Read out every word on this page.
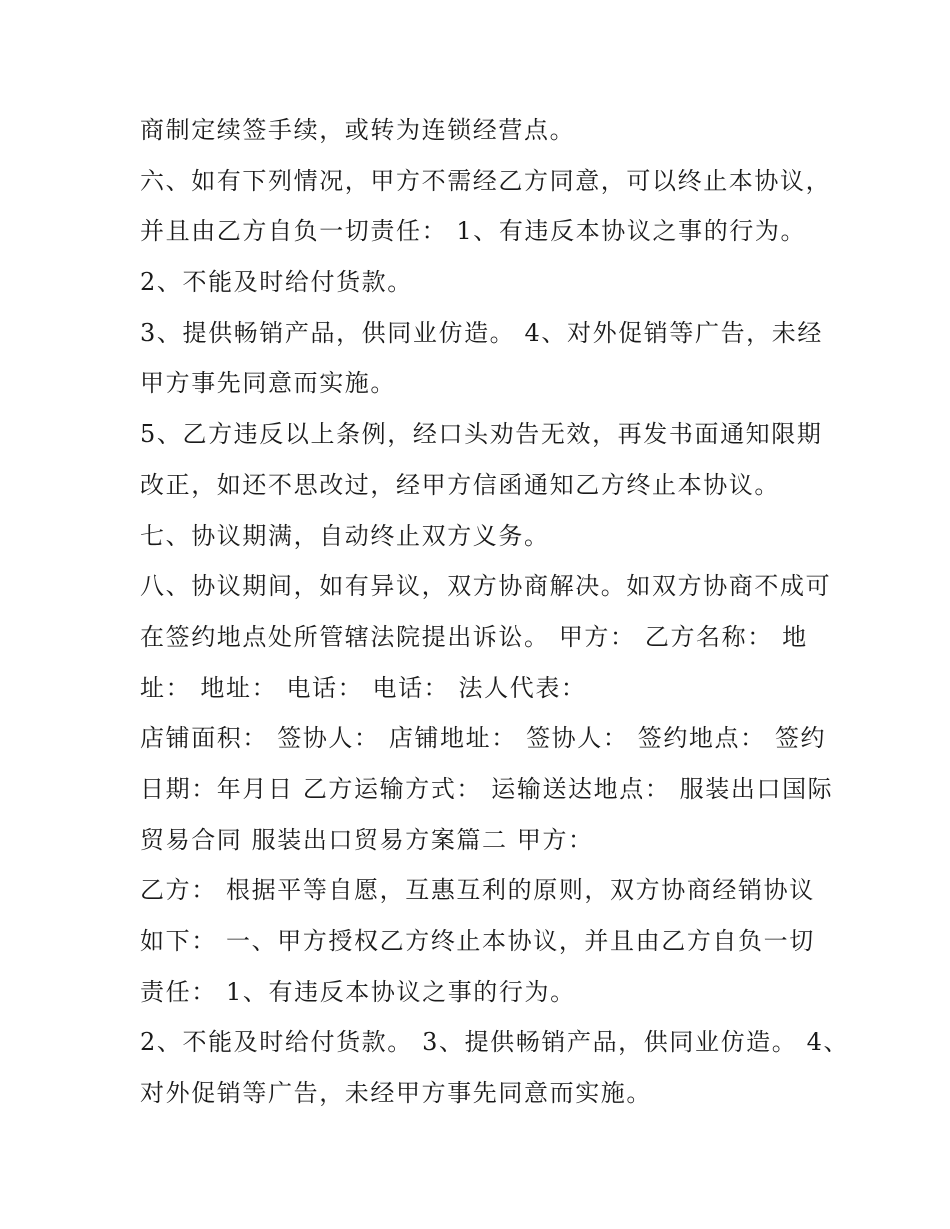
商制定续签手续，或转为连锁经营点。
六、如有下列情况，甲方不需经乙方同意，可以终止本协议，
并且由乙方自负一切责任： 1、有违反本协议之事的行为。
2、不能及时给付货款。
3、提供畅销产品，供同业仿造。 4、对外促销等广告，未经
甲方事先同意而实施。
5、乙方违反以上条例，经口头劝告无效，再发书面通知限期
改正，如还不思改过，经甲方信函通知乙方终止本协议。
七、协议期满，自动终止双方义务。
八、协议期间，如有异议，双方协商解决。如双方协商不成可
在签约地点处所管辖法院提出诉讼。 甲方： 乙方名称： 地
址： 地址： 电话： 电话： 法人代表：
店铺面积： 签协人： 店铺地址： 签协人： 签约地点： 签约
日期：年月日 乙方运输方式： 运输送达地点： 服装出口国际
贸易合同 服装出口贸易方案篇二 甲方：
乙方： 根据平等自愿，互惠互利的原则，双方协商经销协议
如下： 一、甲方授权乙方终止本协议，并且由乙方自负一切
责任： 1、有违反本协议之事的行为。
2、不能及时给付货款。 3、提供畅销产品，供同业仿造。 4、
对外促销等广告，未经甲方事先同意而实施。
